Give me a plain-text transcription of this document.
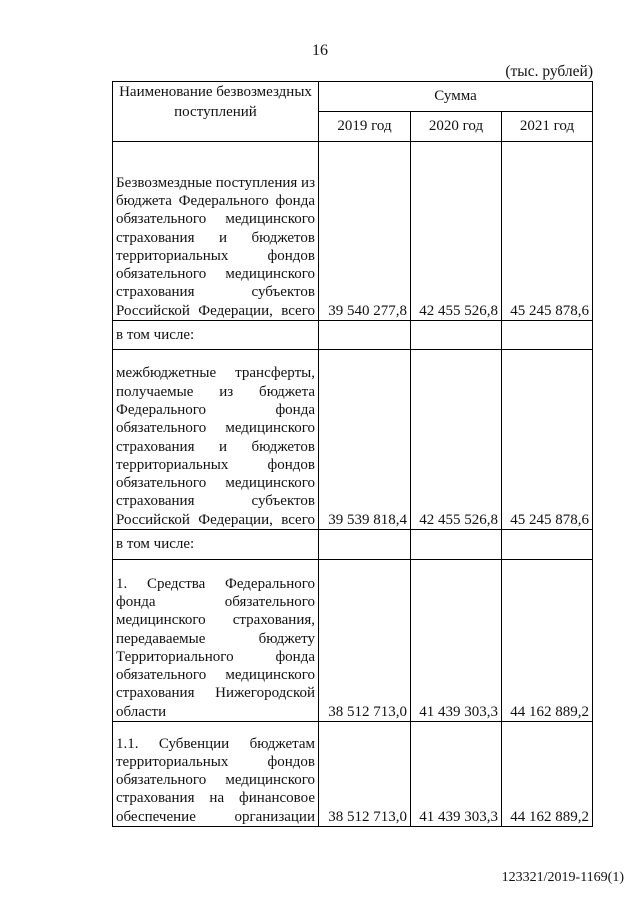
16
(тыс. рублей)
Наименование безвозмездных поступлений	Сумма		
	2019 год	2020 год	2021 год
Безвозмездные поступления из бюджета Федерального фонда обязательного медицинского страхования и бюджетов территориальных фондов обязательного медицинского страхования субъектов Российской Федерации, всего	39 540 277,8	42 455 526,8	45 245 878,6
в том числе:			
межбюджетные трансферты, получаемые из бюджета Федерального фонда обязательного медицинского страхования и бюджетов территориальных фондов обязательного медицинского страхования субъектов Российской Федерации, всего	39 539 818,4	42 455 526,8	45 245 878,6
в том числе:			
1. Средства Федерального фонда обязательного медицинского страхования, передаваемые бюджету Территориального фонда обязательного медицинского страхования Нижегородской области	38 512 713,0	41 439 303,3	44 162 889,2
1.1. Субвенции бюджетам территориальных фондов обязательного медицинского страхования на финансовое обеспечение организации	38 512 713,0	41 439 303,3	44 162 889,2
123321/2019-1169(1)
